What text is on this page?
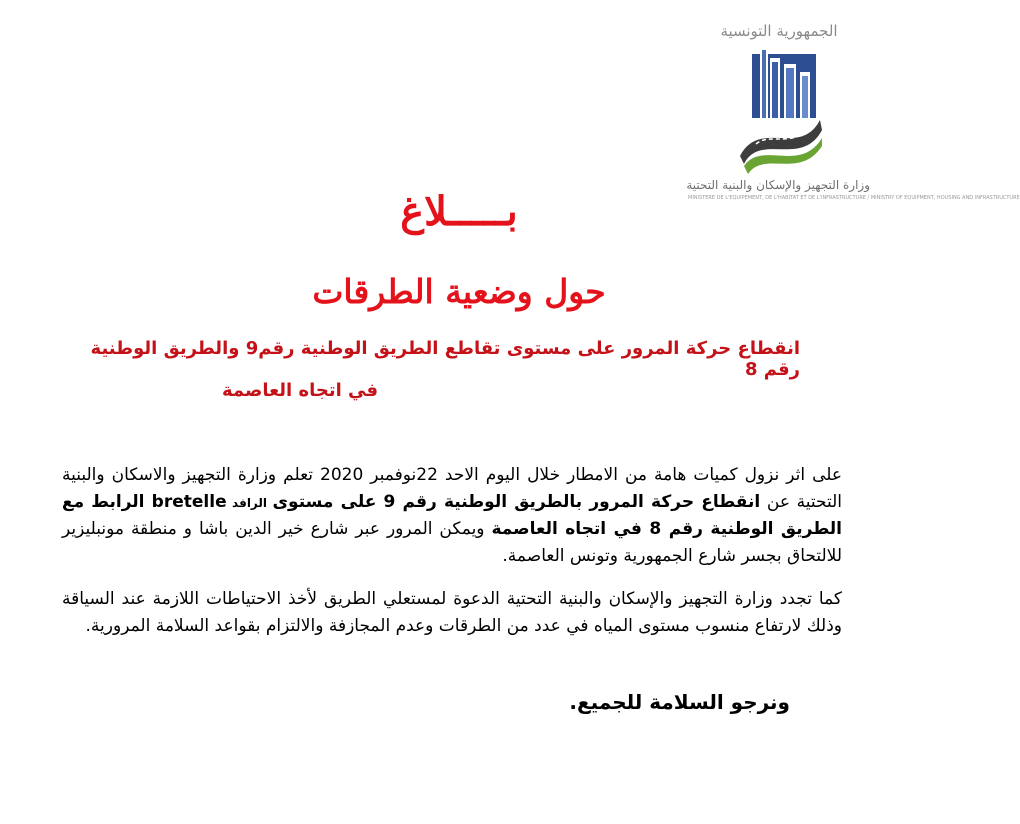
الجمهورية التونسية
وزارة التجهيز والإسكان والبنية التحتية
MINISTERE DE L'EQUIPEMENT, DE L'HABITAT ET DE L'INFRASTRUCTURE / MINISTRY OF EQUIPMENT, HOUSING AND INFRASTRUCTURE
بـــــلاغ
حول وضعية الطرقات
انقطاع حركة المرور على مستوى تقاطع الطريق الوطنية رقم9 والطريق الوطنية رقم 8
في اتجاه العاصمة
على اثر نزول كميات هامة من الامطار خلال اليوم الاحد 22نوفمبر 2020 تعلم وزارة التجهيز والاسكان والبنية التحتية عن انقطاع حركة المرور بالطريق الوطنية رقم 9 على مستوى الرافد bretelle الرابط مع الطريق الوطنية رقم 8 في اتجاه العاصمة ويمكن المرور عبر شارع خير الدين باشا و منطقة مونبليزير للالتحاق بجسر شارع الجمهورية وتونس العاصمة.
كما تجدد وزارة التجهيز والإسكان والبنية التحتية الدعوة لمستعلي الطريق لأخذ الاحتياطات اللازمة عند السياقة وذلك لارتفاع منسوب مستوى المياه في عدد من الطرقات وعدم المجازفة والالتزام بقواعد السلامة المرورية.
ونرجو السلامة للجميع.
